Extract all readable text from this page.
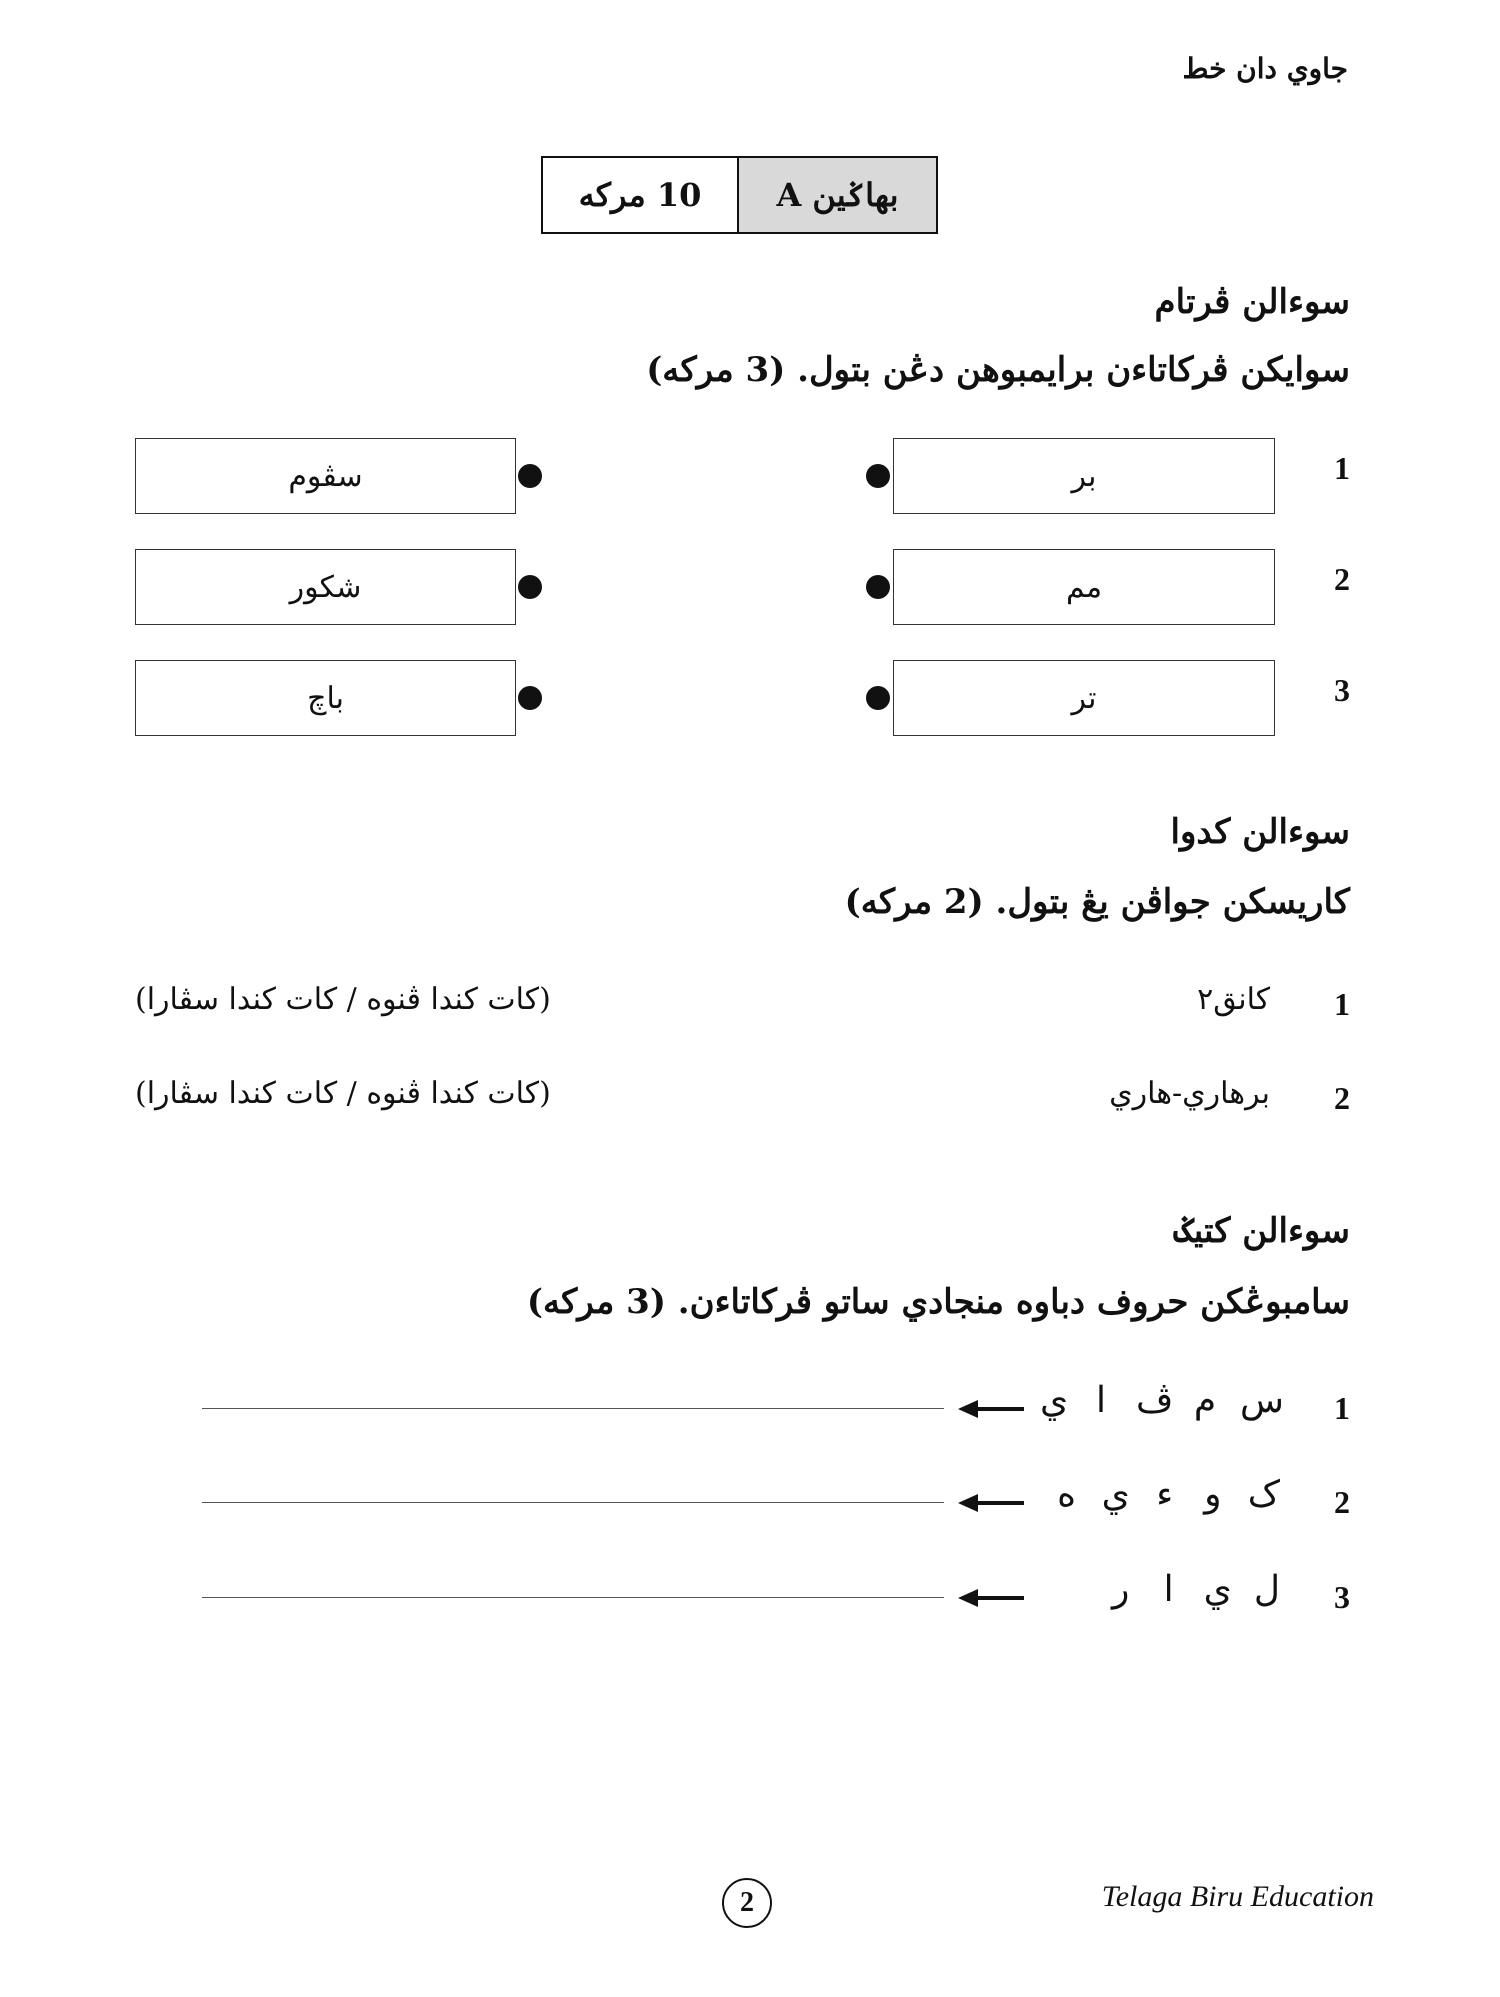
جاوي دان خط
10 مركه	بهاݢين A
سوءالن ڤرتام
سوايکن ڤرکاتاءن برايمبوهن دڠن بتول. (3 مركه)
1
بر
سڤوم
2
مم
شکور
3
تر
باچ
سوءالن کدوا
کاريسکن جواڤن يڠ بتول. (2 مركه)
1
کانق٢
(کات کندا ڤنوه / کات کندا سڤارا)
2
برهاري-هاري
(کات کندا ڤنوه / کات کندا سڤارا)
سوءالن کتيݢ
سامبوڠکن حروف دباوه منجادي ساتو ڤرکاتاءن. (3 مركه)
1
س
م
ڤ
ا
ي
2
ک
و
ء
ي
ه
3
ل
ي
ا
ر
2	Telaga Biru Education
